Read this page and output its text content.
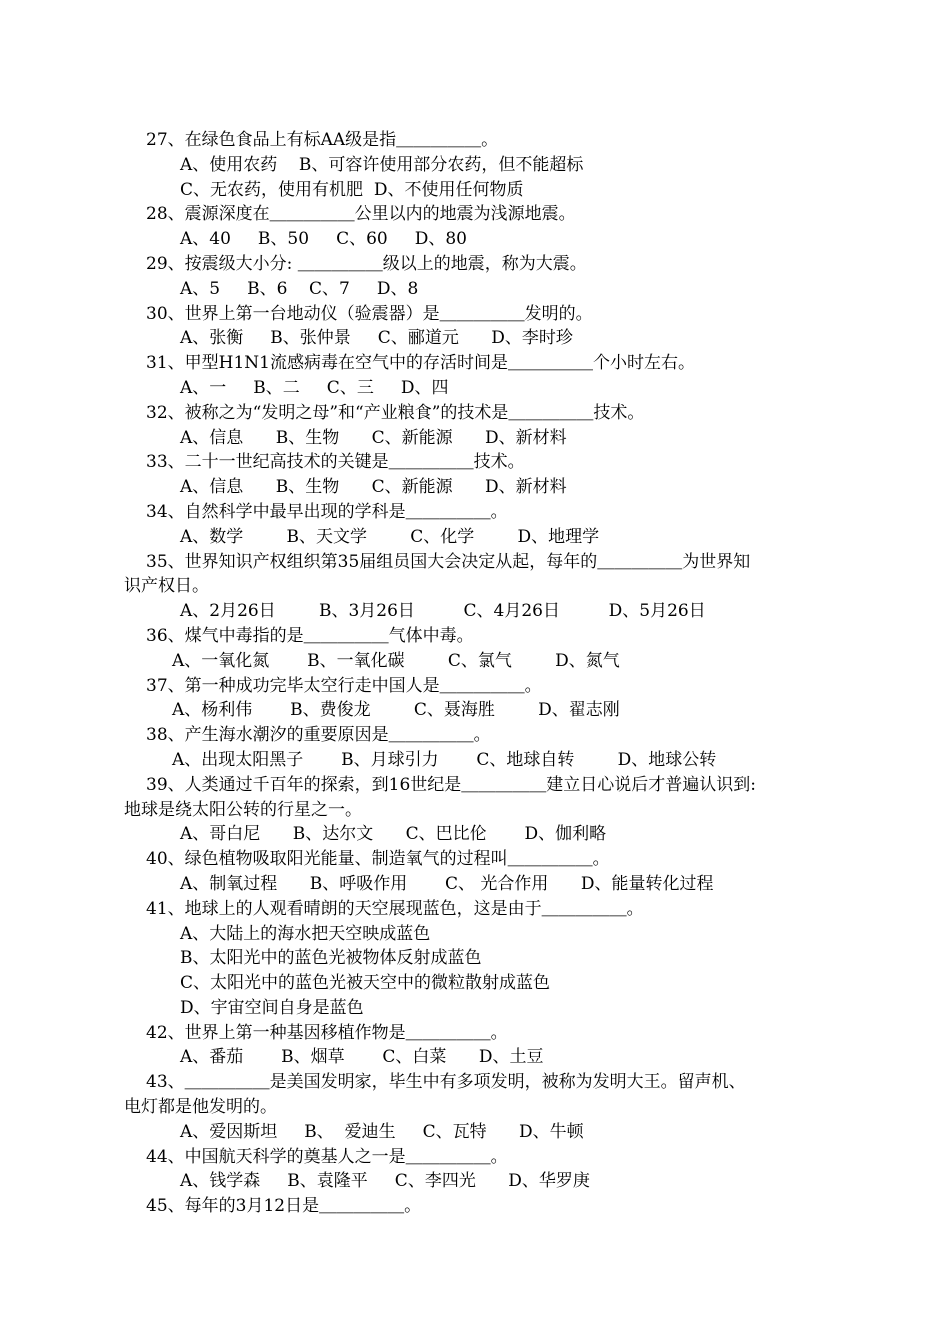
27、在绿色食品上有标AA级是指＿＿＿＿＿。
A、使用农药    B、可容许使用部分农药，但不能超标
C、无农药，使用有机肥  D、不使用任何物质
28、震源深度在＿＿＿＿＿公里以内的地震为浅源地震。
A、40     B、50     C、60     D、80
29、按震级大小分: ＿＿＿＿＿级以上的地震，称为大震。
A、5     B、6    C、7     D、8
30、世界上第一台地动仪（验震器）是＿＿＿＿＿发明的。
A、张衡     B、张仲景     C、郦道元      D、李时珍
31、甲型H1N1流感病毒在空气中的存活时间是＿＿＿＿＿个小时左右。
A、一     B、二     C、三     D、四
32、被称之为“发明之母”和“产业粮食”的技术是＿＿＿＿＿技术。
A、信息      B、生物      C、新能源      D、新材料
33、二十一世纪高技术的关键是＿＿＿＿＿技术。
A、信息      B、生物      C、新能源      D、新材料
34、自然科学中最早出现的学科是＿＿＿＿＿。
A、数学        B、天文学        C、化学        D、地理学
35、世界知识产权组织第35届组员国大会决定从起，每年的＿＿＿＿＿为世界知
识产权日。
A、2月26日        B、3月26日         C、4月26日         D、5月26日
36、煤气中毒指的是＿＿＿＿＿气体中毒。
A、一氧化氮       B、一氧化碳        C、氯气        D、氮气
37、第一种成功完毕太空行走中国人是＿＿＿＿＿。
A、杨利伟       B、费俊龙        C、聂海胜        D、翟志刚
38、产生海水潮汐的重要原因是＿＿＿＿＿。
A、出现太阳黑子       B、月球引力       C、地球自转        D、地球公转
39、人类通过千百年的探索，到16世纪是＿＿＿＿＿建立日心说后才普遍认识到:
地球是绕太阳公转的行星之一。
A、哥白尼      B、达尔文      C、巴比伦       D、伽利略
40、绿色植物吸取阳光能量、制造氧气的过程叫＿＿＿＿＿。
A、制氧过程      B、呼吸作用       C、 光合作用      D、能量转化过程
41、地球上的人观看晴朗的天空展现蓝色，这是由于＿＿＿＿＿。
A、大陆上的海水把天空映成蓝色
B、太阳光中的蓝色光被物体反射成蓝色
C、太阳光中的蓝色光被天空中的微粒散射成蓝色
D、宇宙空间自身是蓝色
42、世界上第一种基因移植作物是＿＿＿＿＿。
A、番茄       B、烟草       C、白菜      D、土豆
43、＿＿＿＿＿是美国发明家，毕生中有多项发明，被称为发明大王。留声机、
电灯都是他发明的。
A、爱因斯坦     B、  爱迪生     C、瓦特      D、牛顿
44、中国航天科学的奠基人之一是＿＿＿＿＿。
A、钱学森     B、袁隆平     C、李四光      D、华罗庚
45、每年的3月12日是＿＿＿＿＿。
